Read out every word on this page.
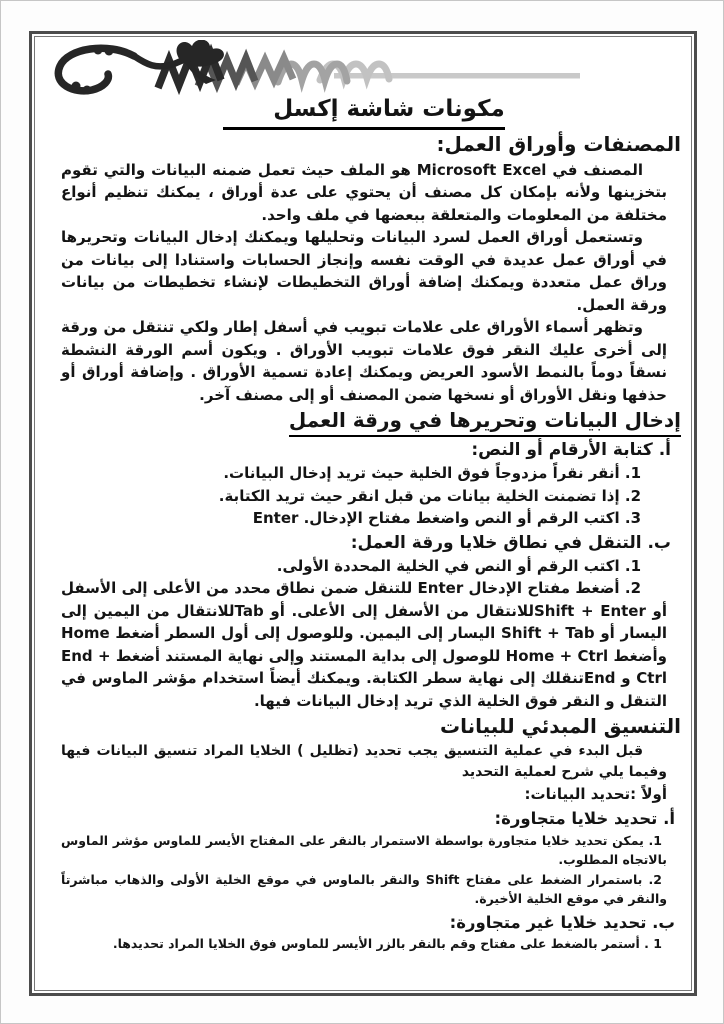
مكونات شاشة إكسل
المصنفات وأوراق العمل:

المصنف في Microsoft Excel هو الملف حيث تعمل ضمنه البيانات والتي تقوم بتخزينها ولأنه بإمكان كل مصنف أن يحتوي على عدة أوراق ، يمكنك تنظيم أنواع مختلفة من المعلومات والمتعلقة ببعضها في ملف واحد.

وتستعمل أوراق العمل لسرد البيانات وتحليلها ويمكنك إدخال البيانات وتحريرها في أوراق عمل عديدة في الوقت نفسه وإنجاز الحسابات واستنادا إلى بيانات من وراق عمل متعددة ويمكنك إضافة أوراق التخطيطات لإنشاء تخطيطات من بيانات ورقة العمل.

وتظهر أسماء الأوراق على علامات تبويب في أسفل إطار ولكي تنتقل من ورقة إلى أخرى عليك النقر فوق علامات تبويب الأوراق . ويكون أسم الورقة النشطة نسقاً دوماً بالنمط الأسود العريض ويمكنك إعادة تسمية الأوراق . وإضافة أوراق أو حذفها ونقل الأوراق أو نسخها ضمن المصنف أو إلى مصنف آخر.

إدخال البيانات وتحريرها في ورقة العمل
أ. كتابة الأرقام أو النص:

1. أنقر نقراً مزدوجاً فوق الخلية حيث تريد إدخال البيانات.

2. إذا تضمنت الخلية بيانات من قبل انقر حيث تريد الكتابة.

3. اكتب الرقم أو النص واضغط مفتاح الإدخال. Enter

ب. التنقل في نطاق خلايا ورقة العمل:

1. اكتب الرقم أو النص في الخلية المحددة الأولى.

2. أضغط مفتاح الإدخال Enter للتنقل ضمن نطاق محدد من الأعلى إلى الأسفل أو Shift + Enterللانتقال من الأسفل إلى الأعلى. أو Tabللانتقال من اليمين إلى اليسار أو Shift + Tab اليسار إلى اليمين. وللوصول إلى أول السطر أضغط Home وأضغط Home + Ctrl للوصول إلى بداية المستند وإلى نهاية المستند أضغط End + Ctrl و Endتنقلك إلى نهاية سطر الكتابة. ويمكنك أيضاً استخدام مؤشر الماوس في التنقل و النقر فوق الخلية الذي تريد إدخال البيانات فيها.

التنسيق المبدئي للبيانات

قبل البدء في عملية التنسيق يجب تحديد (تظليل ) الخلايا المراد تنسيق البيانات فيها وفيما يلي شرح لعملية التحديد

أولاً :تحديد البيانات:
أ. تحديد خلايا متجاورة:

1. يمكن تحديد خلايا متجاورة بواسطة الاستمرار بالنقر على المفتاح الأيسر للماوس مؤشر الماوس بالاتجاه المطلوب.

2. باستمرار الضغط على مفتاح Shift والنقر بالماوس في موقع الخلية الأولى والذهاب مباشرتاً والنقر في موقع الخلية الأخيرة.

ب. تحديد خلايا غير متجاورة:

1 . أستمر بالضغط على مفتاح وقم بالنقر بالزر الأيسر للماوس فوق الخلايا المراد تحديدها.
